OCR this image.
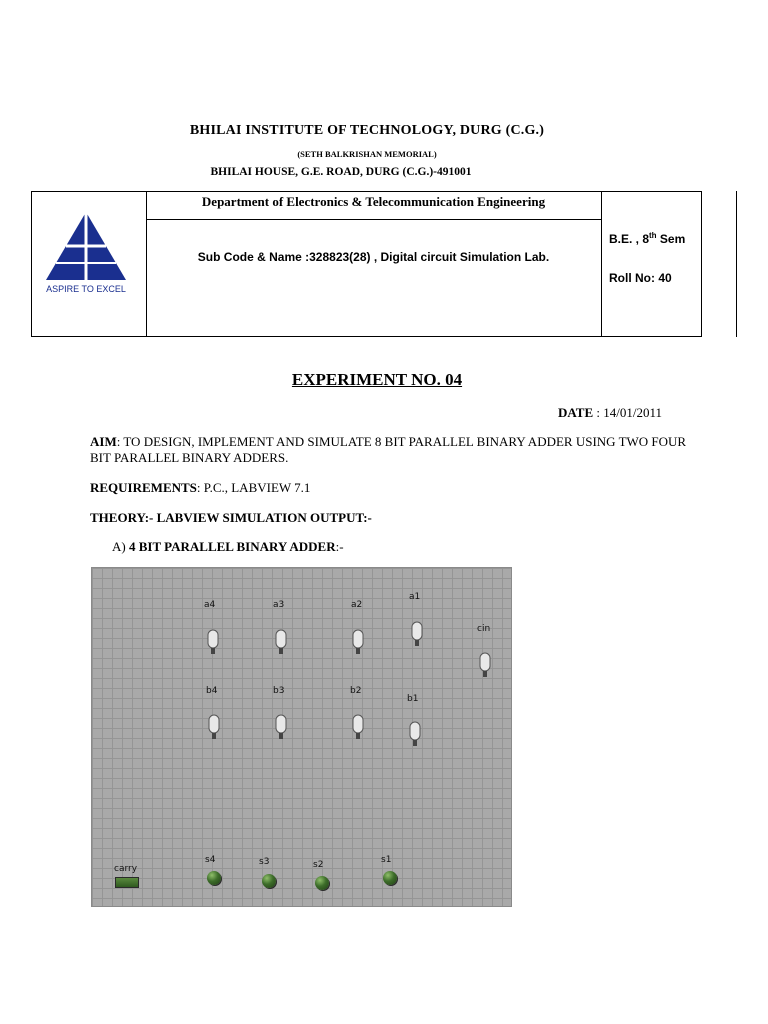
BHILAI INSTITUTE OF TECHNOLOGY, DURG (C.G.)
(SETH BALKRISHAN MEMORIAL)
BHILAI HOUSE, G.E. ROAD, DURG (C.G.)-491001
ASPIRE TO EXCEL
Department of Electronics & Telecommunication Engineering
Sub Code & Name :328823(28) , Digital circuit Simulation Lab.
B.E. , 8th Sem
Roll No: 40
EXPERIMENT NO. 04
DATE : 14/01/2011
AIM: TO DESIGN, IMPLEMENT AND SIMULATE 8 BIT PARALLEL BINARY ADDER USING TWO FOUR BIT PARALLEL BINARY ADDERS.
REQUIREMENTS: P.C., LABVIEW 7.1
THEORY:- LABVIEW SIMULATION OUTPUT:-
A) 4 BIT PARALLEL BINARY ADDER:-
a4	a3	a2
a1
cin
b4	b3	b2
b1
carry
s4	s3	s2	s1
